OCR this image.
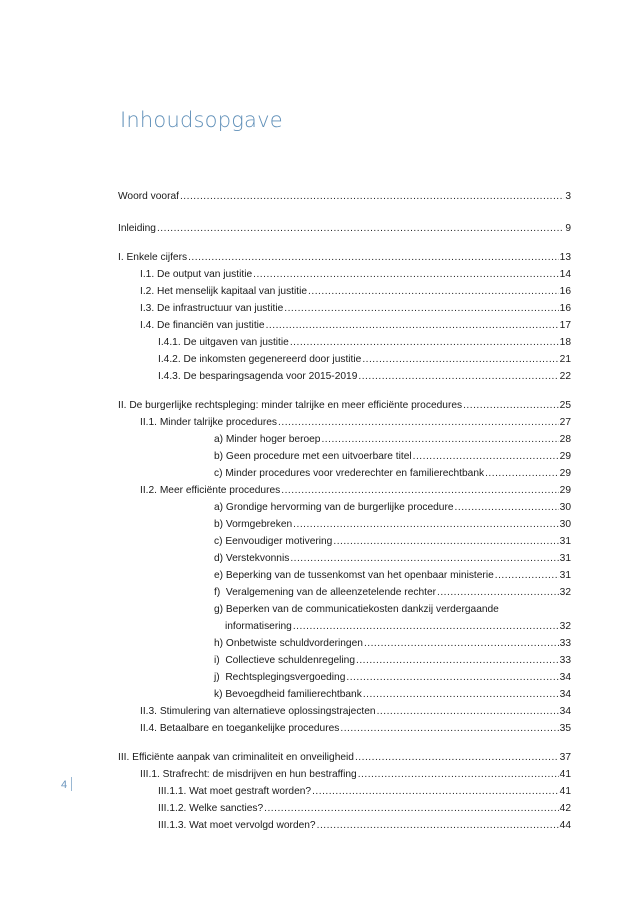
Inhoudsopgave
Woord vooraf .....	3
Inleiding .....	9
I. Enkele cijfers .....	13
I.1. De output van justitie .....	14
I.2. Het menselijk kapitaal van justitie .....	16
I.3. De infrastructuur van justitie .....	16
I.4. De financiën van justitie .....	17
I.4.1. De uitgaven van justitie .....	18
I.4.2. De inkomsten gegenereerd door justitie .....	21
I.4.3. De besparingsagenda voor 2015-2019 .....	22
II. De burgerlijke rechtspleging: minder talrijke en meer efficiënte procedures .....	25
II.1. Minder talrijke procedures .....	27
a) Minder hoger beroep .....	28
b) Geen procedure met een uitvoerbare titel .....	29
c) Minder procedures voor vrederechter en familierechtbank .....	29
II.2. Meer efficiënte procedures .....	29
a) Grondige hervorming van de burgerlijke procedure .....	30
b) Vormgebreken .....	30
c) Eenvoudiger motivering .....	31
d) Verstekvonnis .....	31
e) Beperking van de tussenkomst van het openbaar ministerie .....	31
f)  Veralgemening van de alleenzetelende rechter .....	32
g) Beperken van de communicatiekosten dankzij verdergaande
informatisering .....	32
h) Onbetwiste schuldvorderingen .....	33
i)  Collectieve schuldenregeling .....	33
j)  Rechtsplegingsvergoeding .....	34
k) Bevoegdheid familierechtbank .....	34
II.3. Stimulering van alternatieve oplossingstrajecten .....	34
II.4. Betaalbare en toegankelijke procedures .....	35
III. Efficiënte aanpak van criminaliteit en onveiligheid .....	37
III.1. Strafrecht: de misdrijven en hun bestraffing .....	41
III.1.1. Wat moet gestraft worden? .....	41
III.1.2. Welke sancties? .....	42
III.1.3. Wat moet vervolgd worden? .....	44
4
